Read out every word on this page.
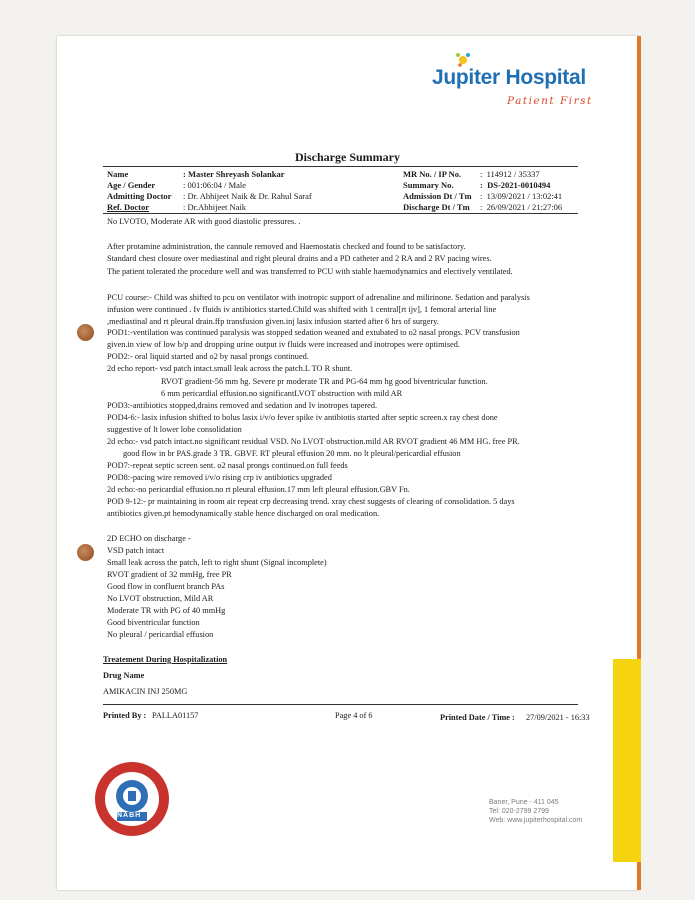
Jupiter Hospital
Patient First
Discharge Summary
Name	: Master Shreyash Solankar
Age / Gender	: 001:06:04 / Male
Admitting Doctor : Dr. Abhijeet Naik & Dr. Rahul Saraf
Ref. Doctor	: Dr.Abhijeet Naik
MR No. / IP No. :  114912 / 35337
Summary No.	:  DS-2021-0010494
Admission Dt / Tm :  13/09/2021 / 13:02:41
Discharge Dt / Tm :  26/09/2021 / 21:27:06
No LVOTO, Moderate AR with good diastolic pressures. .
After protamine administration, the cannule removed and Haemostatis checked and found to be satisfactory.
Standard chest closure over mediastinal and right pleural drains and a PD catheter and 2 RA and 2 RV pacing wires.
The patient tolerated the procedure well and was transferred to PCU with stable haemodynamics and electively ventilated.
PCU course:- Child was shifted to pcu on ventilator with inotropic support of adrenaline and milirinone. Sedation and paralysis
infusion were continued . Iv fluids iv antibiotics started.Child was shifted with 1 central[rt ijv], 1 femoral arterial line
,mediastinal and rt pleural drain.ffp transfusion given.inj lasix infusion started after 6 hrs of surgery.
POD1:-ventilation was continued paralysis was stopped sedation weaned and extubated to o2 nasal prongs. PCV transfusion
given.in view of low b/p and dropping urine output iv fluids were increased and inotropes were optimised.
POD2:- oral liquid started and o2 by nasal prongs continued.
2d echo report- vsd patch intact.small leak across the patch.L TO R shunt.
RVOT gradient-56 mm hg. Severe pr moderate TR and PG-64 mm hg good biventricular function.
6 mm pericardial effusion.no significantLVOT obstruction with mild AR
POD3:-antibiotics stopped,drains removed and sedation and Iv inotropes tapered.
POD4-6:- lasix infusion shifted to bolus lasix i/v/o fever spike iv antibiotis started after septic screen.x ray chest done
suggestive of lt lower lobe consolidation
2d echo:- vsd patch intact.no significant residual VSD. No LVOT obstruction.mild AR RVOT gradient 46 MM HG. free PR.
good flow in br PAS.grade 3 TR. GBVF. RT pleural effusion 20 mm. no lt pleural/pericardial effusion
POD7:-repeat septic screen sent. o2 nasal prongs continued.on full feeds
POD8:-pacing wire removed i/v/o rising crp iv antibiotics upgraded
2d echo:-no pericardial effusion.no rt pleural effusion.17 mm left pleural effusion.GBV Fn.
POD 9-12:- pr maintaining in room air repeat crp decreasing trend. xray chest suggests of clearing of consolidation. 5 days
antibiotics given.pt hemodynamically stable hence discharged on oral medication.
2D ECHO on discharge -
VSD patch intact
Small leak across the patch, left to right shunt (Signal incomplete)
RVOT gradient of 32 mmHg, free PR
Good flow in confluent branch PAs
No LVOT obstruction, Mild AR
Moderate TR with PG of 40 mmHg
Good biventricular function
No pleural / pericardial effusion
Treatement During Hospitalization
Drug Name
AMIKACIN INJ 250MG
Printed By : PALLA01157	Page 4 of 6	Printed Date / Time : 27/09/2021 - 16:33
NABH
Baner, Pune - 411 045
Tel: 020-2799 2799
Web: www.jupiterhospital.com
